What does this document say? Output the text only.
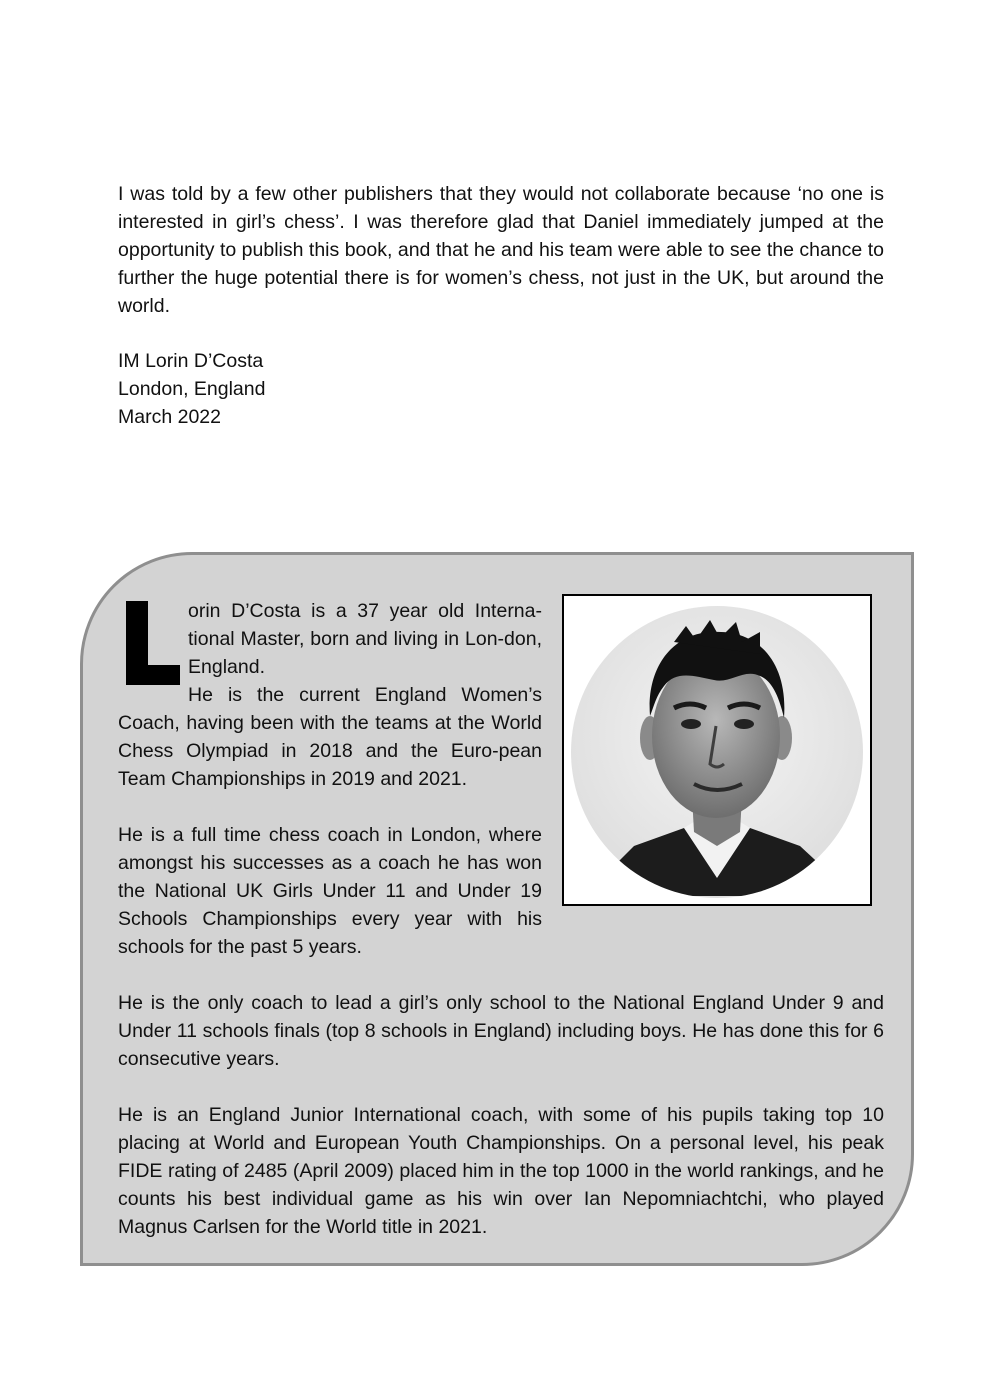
I was told by a few other publishers that they would not collaborate because ‘no one is interested in girl’s chess’. I was therefore glad that Daniel immediately jumped at the opportunity to publish this book, and that he and his team were able to see the chance to further the huge potential there is for women’s chess, not just in the UK, but around the world.

IM Lorin D’Costa
London, England
March 2022

orin D’Costa is a 37 year old Interna-tional Master, born and living in Lon-don, England.

He is the current England Women’s Coach, having been with the teams at the World Chess Olympiad in 2018 and the Euro-pean Team Championships in 2019 and 2021.

He is a full time chess coach in London, where amongst his successes as a coach he has won the National UK Girls Under 11 and Under 19 Schools Championships every year with his schools for the past 5 years.

He is the only coach to lead a girl’s only school to the National England Under 9 and Under 11 schools finals (top 8 schools in England) including boys. He has done this for 6 consecutive years.

He is an England Junior International coach, with some of his pupils taking top 10 placing at World and European Youth Championships. On a personal level, his peak FIDE rating of 2485 (April 2009) placed him in the top 1000 in the world rankings, and he counts his best individual game as his win over Ian Nepomniachtchi, who played Magnus Carlsen for the World title in 2021.
